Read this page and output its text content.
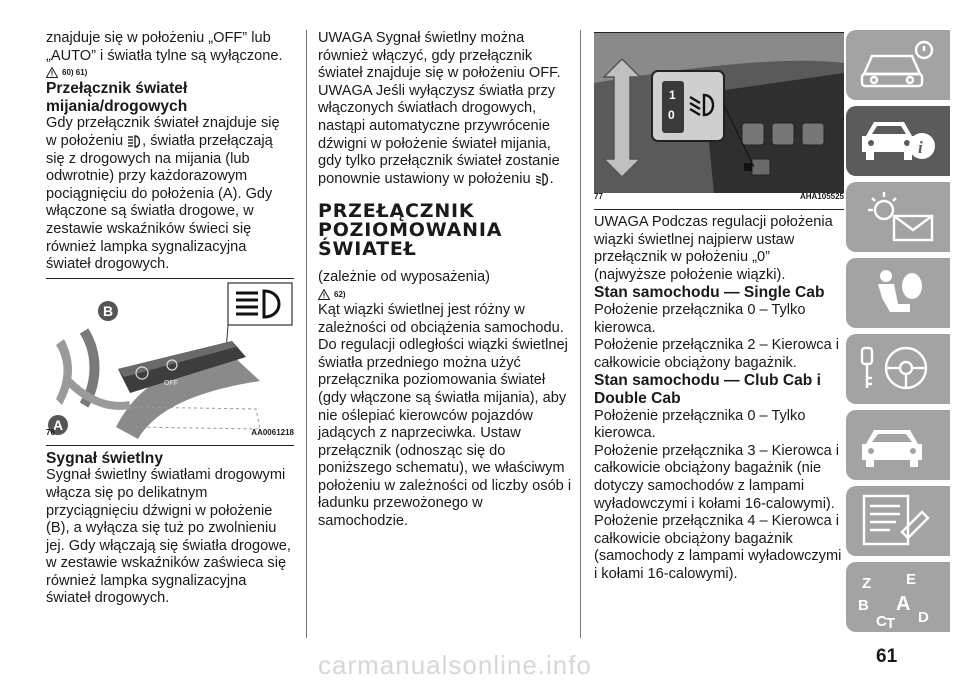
znajduje się w położeniu „OFF” lub „AUTO” i światła tylne są wyłączone.

60) 61)
Przełącznik świateł mijania/drogowych

Gdy przełącznik świateł znajduje się w położeniu , światła przełączają się z drogowych na mijania (lub odwrotnie) przy każdorazowym pociągnięciu do położenia (A). Gdy włączone są światła drogowe, w zestawie wskaźników świeci się również lampka sygnalizacyjna świateł drogowych.

OFF
B
A
76	AA0061218
Sygnał świetlny

Sygnał świetlny światłami drogowymi włącza się po delikatnym przyciągnięciu dźwigni w położenie (B), a wyłącza się tuż po zwolnieniu jej. Gdy włączają się światła drogowe, w zestawie wskaźników zaświeca się również lampka sygnalizacyjna świateł drogowych.

UWAGA Sygnał świetlny można również włączyć, gdy przełącznik świateł znajduje się w położeniu OFF. UWAGA Jeśli wyłączysz światła przy włączonych światłach drogowych, nastąpi automatyczne przywrócenie dźwigni w położenie świateł mijania, gdy tylko przełącznik świateł zostanie ponownie ustawiony w położeniu .

PRZEŁĄCZNIK POZIOMOWANIA ŚWIATEŁ

(zależnie od wyposażenia)

62)

Kąt wiązki świetlnej jest różny w zależności od obciążenia samochodu. Do regulacji odległości wiązki świetlnej światła przedniego można użyć przełącznika poziomowania świateł (gdy włączone są światła mijania), aby nie oślepiać kierowców pojazdów jadących z naprzeciwka. Ustaw przełącznik (odnosząc się do poniższego schematu), we właściwym położeniu w zależności od liczby osób i ładunku przewożonego w samochodzie.

1
0
77	AHA105525

UWAGA Podczas regulacji położenia wiązki świetlnej najpierw ustaw przełącznik w położeniu „0” (najwyższe położenie wiązki).

Stan samochodu — Single Cab

Położenie przełącznika 0 – Tylko kierowca.

Położenie przełącznika 2 – Kierowca i całkowicie obciążony bagażnik.

Stan samochodu — Club Cab i Double Cab

Położenie przełącznika 0 – Tylko kierowca.

Położenie przełącznika 3 – Kierowca i całkowicie obciążony bagażnik (nie dotyczy samochodów z lampami wyładowczymi i kołami 16-calowymi).

Położenie przełącznika 4 – Kierowca i całkowicie obciążony bagażnik (samochody z lampami wyładowczymi i kołami 16-calowymi).

i
Z E
B A
C T D
61
carmanualsonline.info
